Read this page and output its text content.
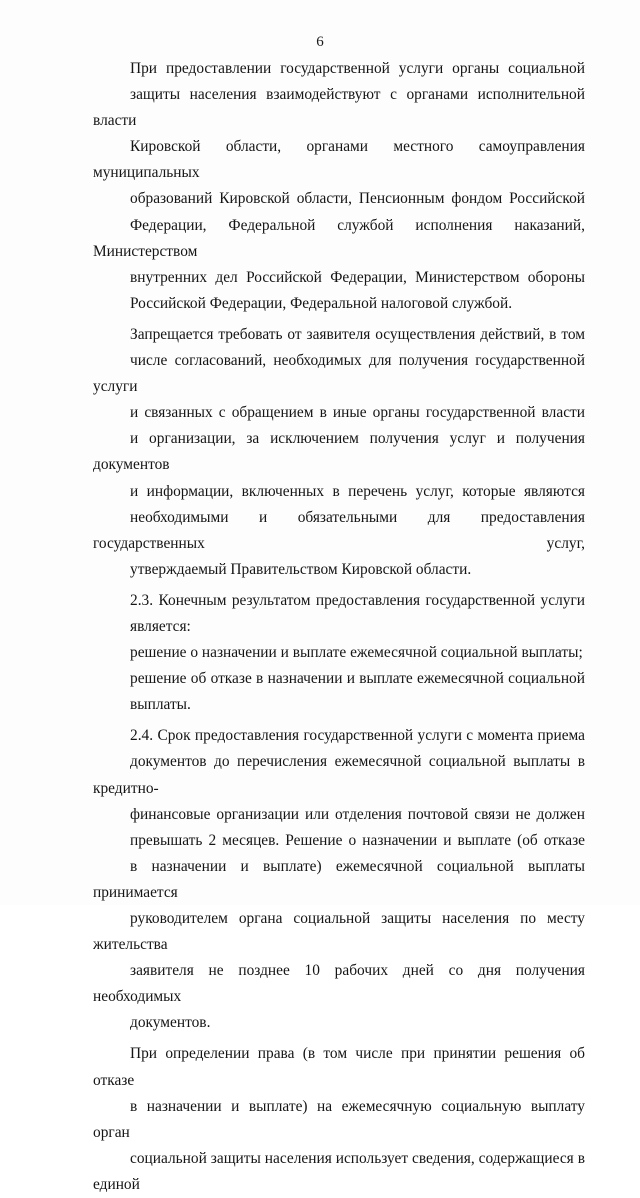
6
При предоставлении государственной услуги органы социальной
защиты населения взаимодействуют с органами исполнительной власти
Кировской области, органами местного самоуправления муниципальных
образований Кировской области, Пенсионным фондом Российской
Федерации, Федеральной службой исполнения наказаний, Министерством
внутренних дел Российской Федерации, Министерством обороны
Российской Федерации, Федеральной налоговой службой.
Запрещается требовать от заявителя осуществления действий, в том
числе согласований, необходимых для получения государственной услуги
и связанных с обращением в иные органы государственной власти
и организации, за исключением получения услуг и получения документов
и информации, включенных в перечень услуг, которые являются
необходимыми и обязательными для предоставления государственных услуг,
утверждаемый Правительством Кировской области.
2.3. Конечным результатом предоставления государственной услуги
является:
решение о назначении и выплате ежемесячной социальной выплаты;
решение об отказе в назначении и выплате ежемесячной социальной
выплаты.
2.4. Срок предоставления государственной услуги с момента приема
документов до перечисления ежемесячной социальной выплаты в кредитно-
финансовые организации или отделения почтовой связи не должен
превышать 2 месяцев. Решение о назначении и выплате (об отказе
в назначении и выплате) ежемесячной социальной выплаты принимается
руководителем органа социальной защиты населения по месту жительства
заявителя не позднее 10 рабочих дней со дня получения необходимых
документов.
При определении права (в том числе при принятии решения об отказе
в назначении и выплате) на ежемесячную социальную выплату орган
социальной защиты населения использует сведения, содержащиеся в единой
